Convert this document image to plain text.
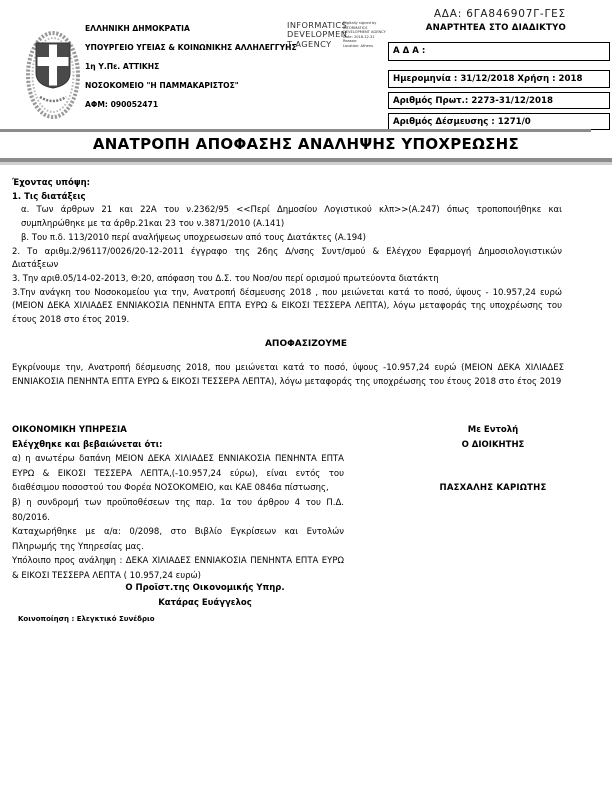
ΑΔΑ: 6ΓΑ846907Γ-ΓΕΣ
ΑΝΑΡΤΗΤΕΑ ΣΤΟ ΔΙΑΔΙΚΤΥΟ
ΕΛΛΗΝΙΚΗ ΔΗΜΟΚΡΑΤΙΑ
ΥΠΟΥΡΓΕΙΟ ΥΓΕΙΑΣ & ΚΟΙΝΩΝΙΚΗΣ ΑΛΛΗΛΕΓΓΥΗΣ
1η Υ.Πε. ΑΤΤΙΚΗΣ
ΝΟΣΟΚΟΜΕΙΟ "Η ΠΑΜΜΑΚΑΡΙΣΤΟΣ"
ΑΦΜ: 090052471
INFORMATICS
DEVELOPMEN
T AGENCY
Digitally signed by
INFORMATICS
DEVELOPMENT AGENCY
Date: 2018.12.31
Reason:
Location: Athens
Α Δ Α :
Ημερομηνία : 31/12/2018 Χρήση : 2018
Αριθμός Πρωτ.: 2273-31/12/2018
Αριθμός Δέσμευσης : 1271/0
ΑΝΑΤΡΟΠΗ ΑΠΟΦΑΣΗΣ ΑΝΑΛΗΨΗΣ ΥΠΟΧΡΕΩΣΗΣ
Έχοντας υπόψη:
1. Τις διατάξεις
α. Των άρθρων 21 και 22Α του ν.2362/95 <<Περί Δημοσίου Λογιστικού κλπ>>(Α.247) όπως τροποποιήθηκε και συμπληρώθηκε με τα άρθρ.21και 23 του ν.3871/2010 (Α.141)
β. Του π.δ. 113/2010 περί αναλήψεως υποχρεωσεων από τους Διατάκτες (Α.194)
2. Το αριθμ.2/96117/0026/20-12-2011 έγγραφο της 26ης Δ/νσης Συντ/σμού & Ελέγχου Εφαρμογή Δημοσιολογιστικών Διατάξεων
3. Την αριθ.05/14-02-2013, Θ:20, απόφαση του Δ.Σ. του Νοσ/ου περί ορισμού πρωτεύοντα διατάκτη
3.Την ανάγκη του Νοσοκομείου για την, Ανατροπή δέσμευσης 2018 , που μειώνεται κατά το ποσό, ύψους - 10.957,24 ευρώ (ΜΕΙΟΝ ΔΕΚΑ ΧΙΛΙΑΔΕΣ ΕΝΝΙΑΚΟΣΙΑ ΠΕΝΗΝΤΑ ΕΠΤΑ ΕΥΡΩ & ΕΙΚΟΣΙ ΤΕΣΣΕΡΑ ΛΕΠΤΑ), λόγω μεταφοράς της υποχρέωσης του έτους 2018 στο έτος 2019.
ΑΠΟΦΑΣΙΖΟΥΜΕ
Εγκρίνουμε την, Ανατροπή δέσμευσης 2018, που μειώνεται κατά το ποσό, ύψους -10.957,24 ευρώ (ΜΕΙΟΝ ΔΕΚΑ ΧΙΛΙΑΔΕΣ ΕΝΝΙΑΚΟΣΙΑ ΠΕΝΗΝΤΑ ΕΠΤΑ ΕΥΡΩ & ΕΙΚΟΣΙ ΤΕΣΣΕΡΑ ΛΕΠΤΑ), λόγω μεταφοράς της υποχρέωσης του έτους 2018 στο έτος 2019
ΟΙΚΟΝΟΜΙΚΗ ΥΠΗΡΕΣΙΑ
Ελέγχθηκε και βεβαιώνεται ότι:
α) η ανωτέρω δαπάνη ΜΕΙΟΝ ΔΕΚΑ ΧΙΛΙΑΔΕΣ ΕΝΝΙΑΚΟΣΙΑ ΠΕΝΗΝΤΑ ΕΠΤΑ ΕΥΡΩ & ΕΙΚΟΣΙ ΤΕΣΣΕΡΑ ΛΕΠΤΑ,(-10.957,24 εύρω), είναι εντός του διαθέσιμου ποσοστού του Φορέα ΝΟΣΟΚΟΜΕΙΟ, και ΚΑΕ 0846α πίστωσης,
β) η συνδρομή των προϋποθέσεων της παρ. 1α του άρθρου 4 του Π.Δ. 80/2016.
Καταχωρήθηκε με α/α: 0/2098, στο Βιβλίο Εγκρίσεων και Εντολών Πληρωμής της Υπηρεσίας μας.
Υπόλοιπο προς ανάληψη : ΔΕΚΑ ΧΙΛΙΑΔΕΣ ΕΝΝΙΑΚΟΣΙΑ ΠΕΝΗΝΤΑ ΕΠΤΑ ΕΥΡΩ & ΕΙΚΟΣΙ ΤΕΣΣΕΡΑ ΛΕΠΤΑ ( 10.957,24 ευρώ)
Με Εντολή
Ο ΔΙΟΙΚΗΤΗΣ
ΠΑΣΧΑΛΗΣ ΚΑΡΙΩΤΗΣ
Ο Προϊστ.της Οικονομικής Υπηρ.
Κατάρας Ευάγγελος
Κοινοποίηση : Ελεγκτικό Συνέδριο
